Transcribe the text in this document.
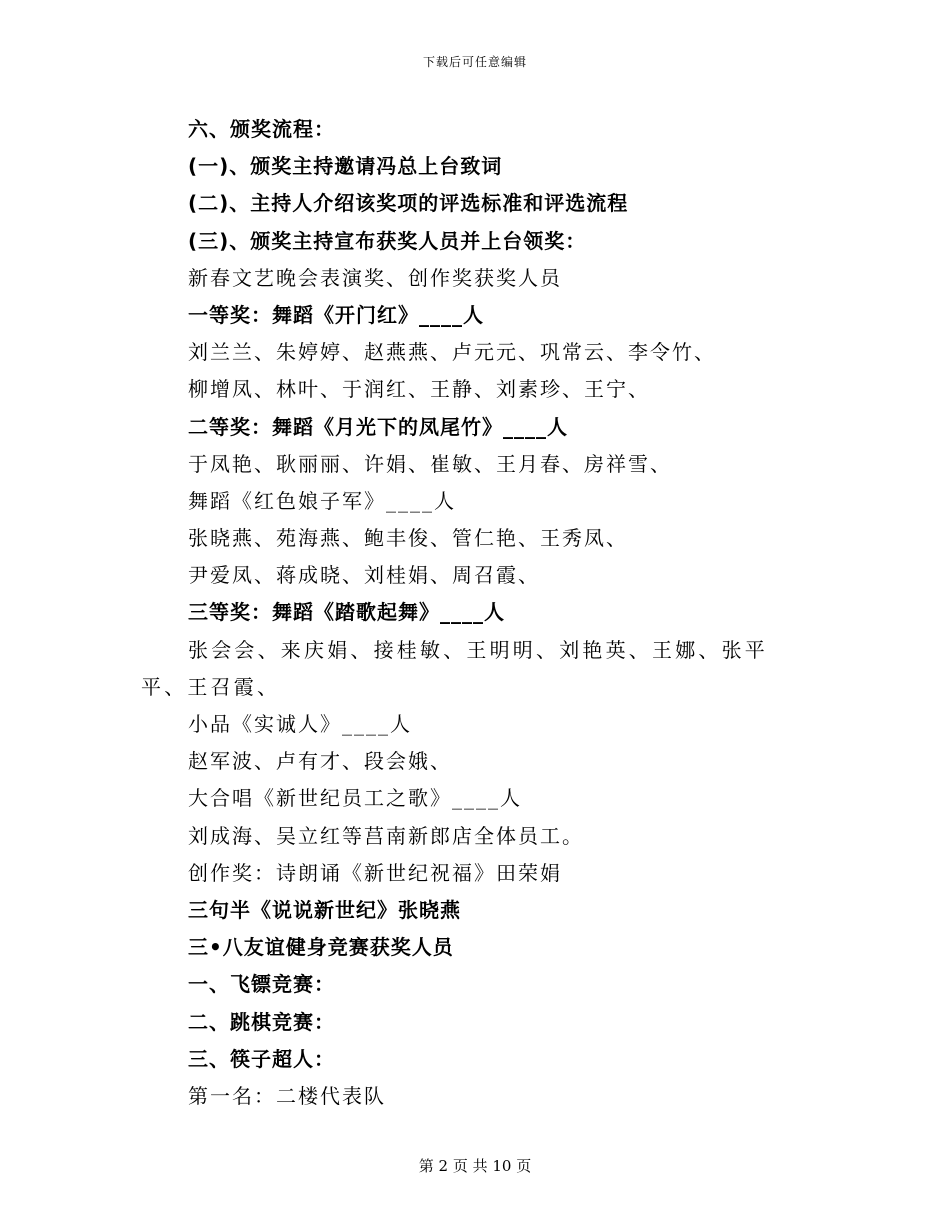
下载后可任意编辑
六、颁奖流程：
(一)、颁奖主持邀请冯总上台致词
(二)、主持人介绍该奖项的评选标准和评选流程
(三)、颁奖主持宣布获奖人员并上台领奖：
新春文艺晚会表演奖、创作奖获奖人员
一等奖：舞蹈《开门红》____人
刘兰兰、朱婷婷、赵燕燕、卢元元、巩常云、李令竹、
柳增凤、林叶、于润红、王静、刘素珍、王宁、
二等奖：舞蹈《月光下的凤尾竹》____人
于凤艳、耿丽丽、许娟、崔敏、王月春、房祥雪、
舞蹈《红色娘子军》____人
张晓燕、苑海燕、鲍丰俊、管仁艳、王秀凤、
尹爱凤、蒋成晓、刘桂娟、周召霞、
三等奖：舞蹈《踏歌起舞》____人
张会会、来庆娟、接桂敏、王明明、刘艳英、王娜、张平平、王召霞、
小品《实诚人》____人
赵军波、卢有才、段会娥、
大合唱《新世纪员工之歌》____人
刘成海、吴立红等莒南新郎店全体员工。
创作奖：诗朗诵《新世纪祝福》田荣娟
三句半《说说新世纪》张晓燕
三•八友谊健身竞赛获奖人员
一、飞镖竞赛：
二、跳棋竞赛：
三、筷子超人：
第一名：二楼代表队
第 2 页 共 10 页
